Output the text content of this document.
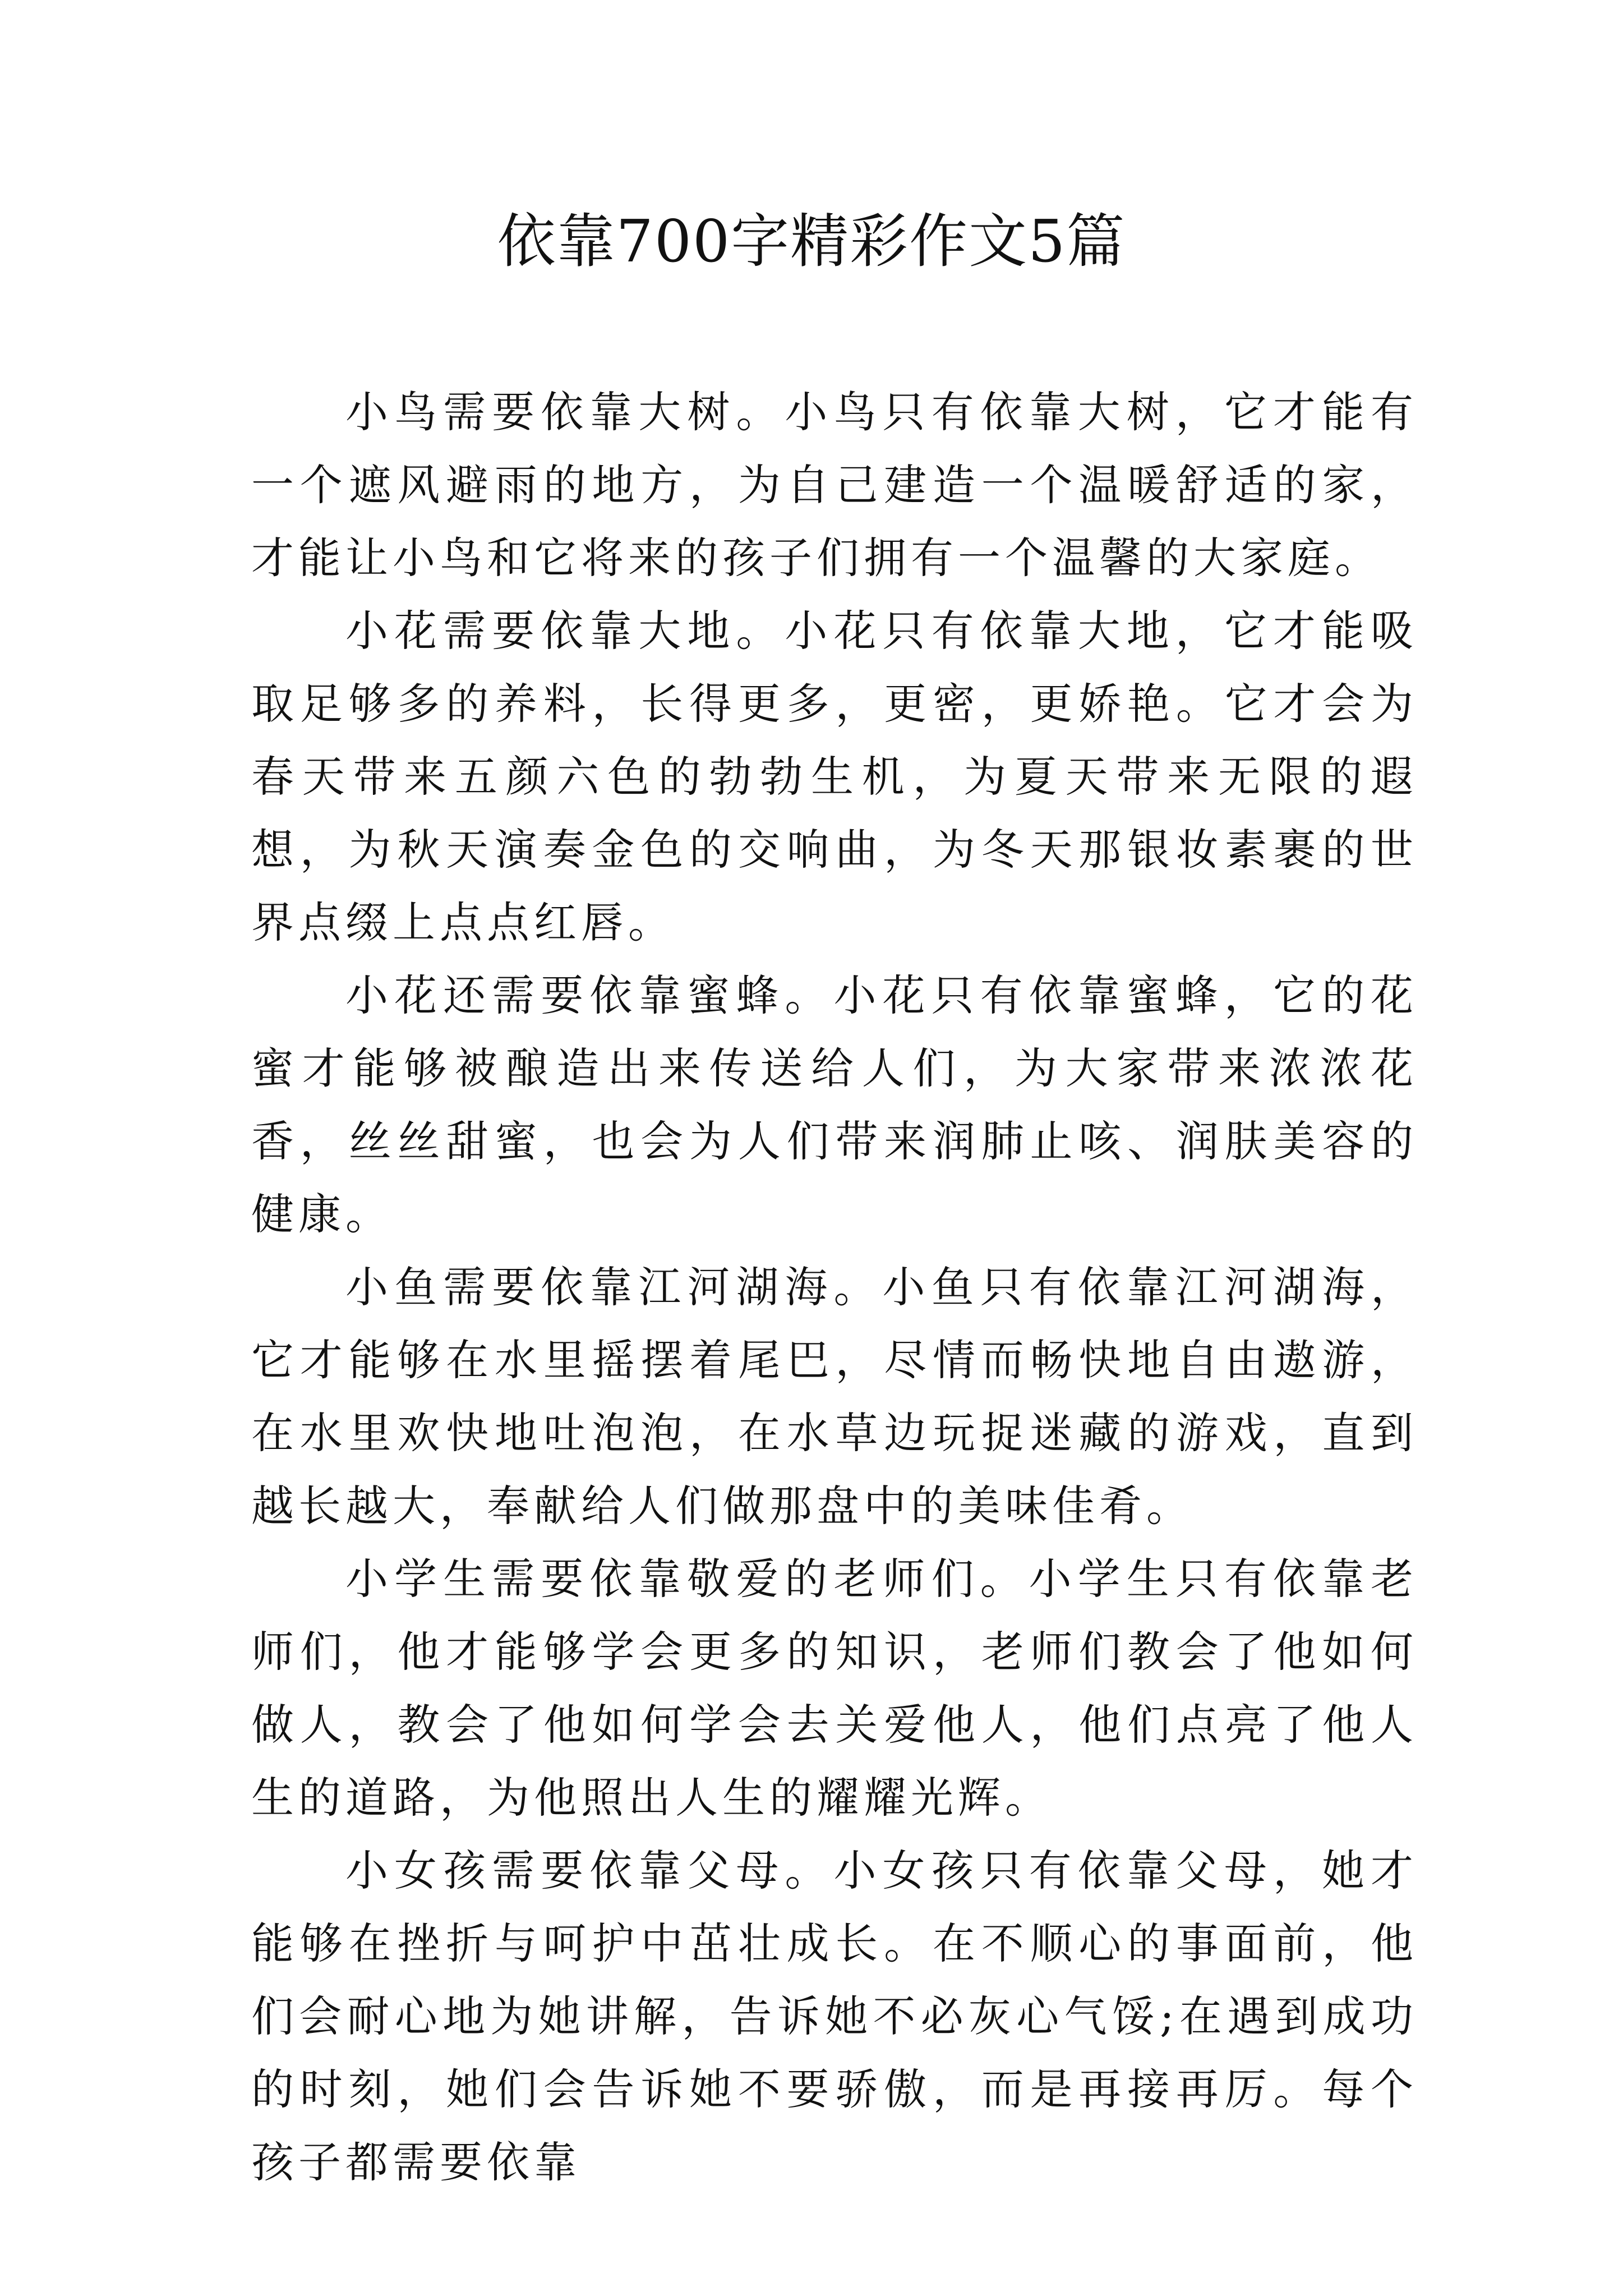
依靠700字精彩作文5篇

小鸟需要依靠大树。小鸟只有依靠大树，它才能有一个遮风避雨的地方，为自己建造一个温暖舒适的家，才能让小鸟和它将来的孩子们拥有一个温馨的大家庭。

小花需要依靠大地。小花只有依靠大地，它才能吸取足够多的养料，长得更多，更密，更娇艳。它才会为春天带来五颜六色的勃勃生机，为夏天带来无限的遐想，为秋天演奏金色的交响曲，为冬天那银妆素裹的世界点缀上点点红唇。

小花还需要依靠蜜蜂。小花只有依靠蜜蜂，它的花蜜才能够被酿造出来传送给人们，为大家带来浓浓花香，丝丝甜蜜，也会为人们带来润肺止咳、润肤美容的健康。

小鱼需要依靠江河湖海。小鱼只有依靠江河湖海，它才能够在水里摇摆着尾巴，尽情而畅快地自由遨游，在水里欢快地吐泡泡，在水草边玩捉迷藏的游戏，直到越长越大，奉献给人们做那盘中的美味佳肴。

小学生需要依靠敬爱的老师们。小学生只有依靠老师们，他才能够学会更多的知识，老师们教会了他如何做人，教会了他如何学会去关爱他人，他们点亮了他人生的道路，为他照出人生的耀耀光辉。

小女孩需要依靠父母。小女孩只有依靠父母，她才能够在挫折与呵护中茁壮成长。在不顺心的事面前，他们会耐心地为她讲解，告诉她不必灰心气馁;在遇到成功的时刻，她们会告诉她不要骄傲，而是再接再厉。每个孩子都需要依靠
